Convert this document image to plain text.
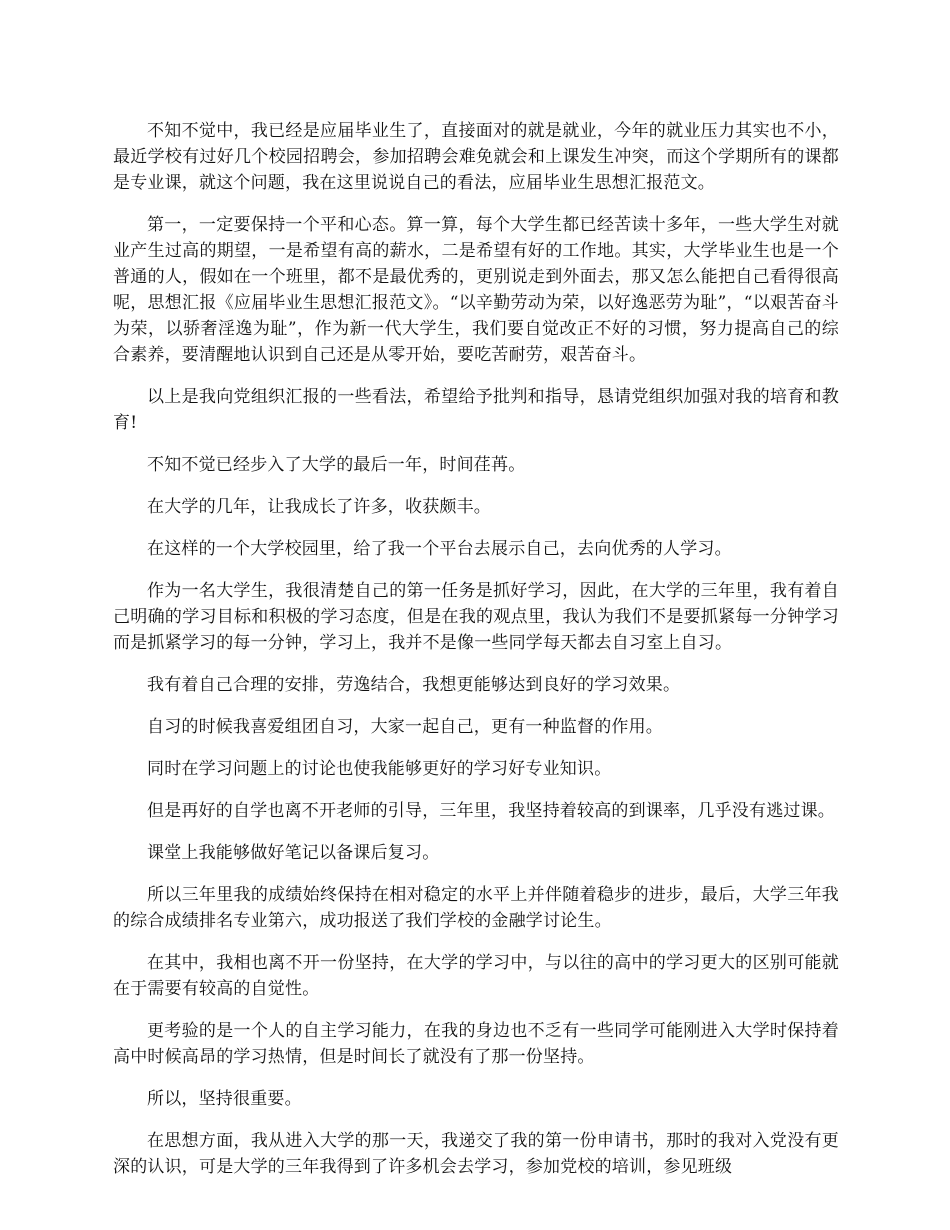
不知不觉中，我已经是应届毕业生了，直接面对的就是就业，今年的就业压力其实也不小，最近学校有过好几个校园招聘会，参加招聘会难免就会和上课发生冲突，而这个学期所有的课都是专业课，就这个问题，我在这里说说自己的看法，应届毕业生思想汇报范文。

第一，一定要保持一个平和心态。算一算，每个大学生都已经苦读十多年，一些大学生对就业产生过高的期望，一是希望有高的薪水，二是希望有好的工作地。其实，大学毕业生也是一个普通的人，假如在一个班里，都不是最优秀的，更别说走到外面去，那又怎么能把自己看得很高呢，思想汇报《应届毕业生思想汇报范文》。“以辛勤劳动为荣，以好逸恶劳为耻”，“以艰苦奋斗为荣，以骄奢淫逸为耻”，作为新一代大学生，我们要自觉改正不好的习惯，努力提高自己的综合素养，要清醒地认识到自己还是从零开始，要吃苦耐劳，艰苦奋斗。

以上是我向党组织汇报的一些看法，希望给予批判和指导，恳请党组织加强对我的培育和教育!

不知不觉已经步入了大学的最后一年，时间荏苒。

在大学的几年，让我成长了许多，收获颇丰。

在这样的一个大学校园里，给了我一个平台去展示自己，去向优秀的人学习。

作为一名大学生，我很清楚自己的第一任务是抓好学习，因此，在大学的三年里，我有着自己明确的学习目标和积极的学习态度，但是在我的观点里，我认为我们不是要抓紧每一分钟学习而是抓紧学习的每一分钟，学习上，我并不是像一些同学每天都去自习室上自习。

我有着自己合理的安排，劳逸结合，我想更能够达到良好的学习效果。

自习的时候我喜爱组团自习，大家一起自己，更有一种监督的作用。

同时在学习问题上的讨论也使我能够更好的学习好专业知识。

但是再好的自学也离不开老师的引导，三年里，我坚持着较高的到课率，几乎没有逃过课。

课堂上我能够做好笔记以备课后复习。

所以三年里我的成绩始终保持在相对稳定的水平上并伴随着稳步的进步，最后，大学三年我的综合成绩排名专业第六，成功报送了我们学校的金融学讨论生。

在其中，我相也离不开一份坚持，在大学的学习中，与以往的高中的学习更大的区别可能就在于需要有较高的自觉性。

更考验的是一个人的自主学习能力，在我的身边也不乏有一些同学可能刚进入大学时保持着高中时候高昂的学习热情，但是时间长了就没有了那一份坚持。

所以，坚持很重要。

在思想方面，我从进入大学的那一天，我递交了我的第一份申请书，那时的我对入党没有更深的认识，可是大学的三年我得到了许多机会去学习，参加党校的培训，参见班级
